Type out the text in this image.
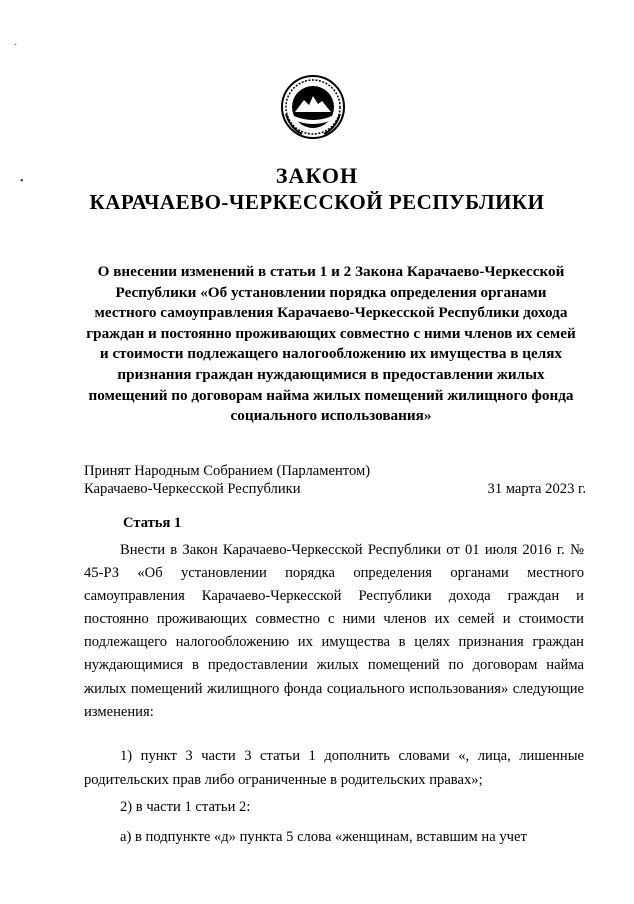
·
•	ЗАКОН
КАРАЧАЕВО-ЧЕРКЕССКОЙ РЕСПУБЛИКИ
О внесении изменений в статьи 1 и 2 Закона Карачаево-Черкесской Республики «Об установлении порядка определения органами местного самоуправления Карачаево-Черкесской Республики дохода граждан и постоянно проживающих совместно с ними членов их семей и стоимости подлежащего налогообложению их имущества в целях признания граждан нуждающимися в предоставлении жилых помещений по договорам найма жилых помещений жилищного фонда социального использования»
Принят Народным Собранием (Парламентом)
Карачаево-Черкесской Республики	31 марта 2023 г.
Статья 1
Внести в Закон Карачаево-Черкесской Республики от 01 июля 2016 г. № 45-РЗ «Об установлении порядка определения органами местного самоуправления Карачаево-Черкесской Республики дохода граждан и постоянно проживающих совместно с ними членов их семей и стоимости подлежащего налогообложению их имущества в целях признания граждан нуждающимися в предоставлении жилых помещений по договорам найма жилых помещений жилищного фонда социального использования» следующие изменения:
1) пункт 3 части 3 статьи 1 дополнить словами «, лица, лишенные родительских прав либо ограниченные в родительских правах»;
2) в части 1 статьи 2:
а) в подпункте «д» пункта 5 слова «женщинам, вставшим на учет
